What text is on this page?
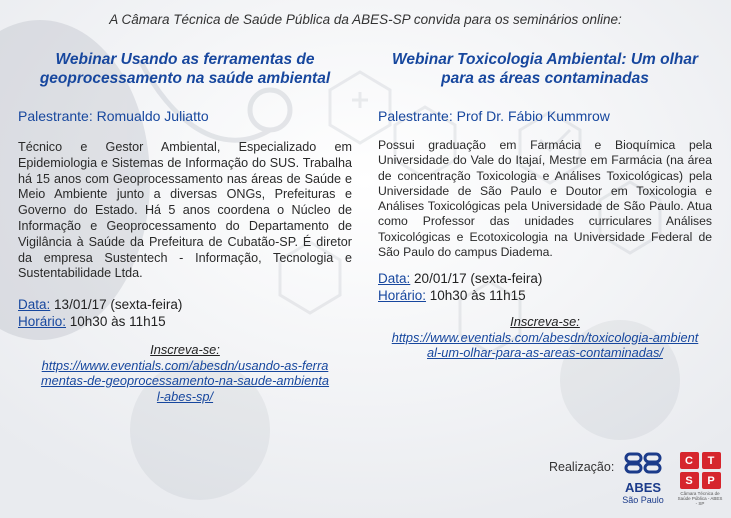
A Câmara Técnica de Saúde Pública da ABES-SP convida para os seminários online:
Webinar Usando as ferramentas de geoprocessamento na saúde ambiental
Palestrante: Romualdo Juliatto
Técnico e Gestor Ambiental, Especializado em Epidemiologia e Sistemas de Informação do SUS. Trabalha há 15 anos com Geoprocessamento nas áreas de Saúde e Meio Ambiente junto a diversas ONGs, Prefeituras e Governo do Estado. Há 5 anos coordena o Núcleo de Informação e Geoprocessamento do Departamento de Vigilância à Saúde da Prefeitura de Cubatão-SP. É diretor da empresa Sustentech - Informação, Tecnologia e Sustentabilidade Ltda.
Data: 13/01/17 (sexta-feira)
Horário: 10h30 às 11h15
Inscreva-se:
https://www.eventials.com/abesdn/usando-as-ferramentas-de-geoprocessamento-na-saude-ambiental-abes-sp/
Webinar Toxicologia Ambiental: Um olhar para as áreas contaminadas
Palestrante: Prof Dr. Fábio Kummrow
Possui graduação em Farmácia e Bioquímica pela Universidade do Vale do Itajaí, Mestre em Farmácia (na área de concentração Toxicologia e Análises Toxicológicas) pela Universidade de São Paulo e Doutor em Toxicologia e Análises Toxicológicas pela Universidade de São Paulo. Atua como Professor das unidades curriculares Análises Toxicológicas e Ecotoxicologia na Universidade Federal de São Paulo do campus Diadema.
Data: 20/01/17 (sexta-feira)
Horário: 10h30 às 11h15
Inscreva-se:
https://www.eventials.com/abesdn/toxicologia-ambiental-um-olhar-para-as-areas-contaminadas/
Realização:
ABES
São Paulo
C	T
S	P
Câmara Técnica de Saúde Pública - ABES - SP
